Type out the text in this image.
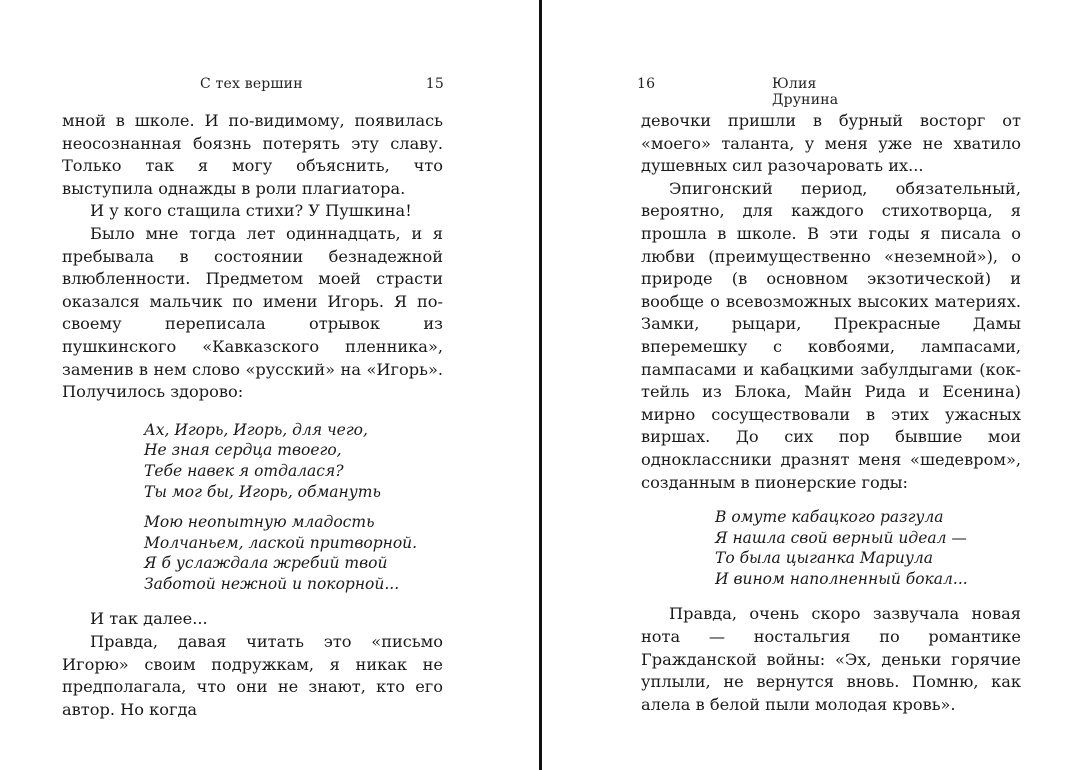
С тех вершин	15

мной в школе. И по-видимому, появилась неосознанная боязнь потерять эту славу. Только так я могу объяснить, что выступила однажды в роли плагиатора.

И у кого стащила стихи? У Пушкина!

Было мне тогда лет одиннадцать, и я пребывала в состоянии безнадежной влюбленности. Предметом моей страсти оказался мальчик по имени Игорь. Я по-своему переписала отрывок из пушкинского «Кавказского пленника», заменив в нем слово «русский» на «Игорь». Получилось здорово:

Ах, Игорь, Игорь, для чего,
Не зная сердца твоего,
Тебе навек я отдалася?
Ты мог бы, Игорь, обмануть
Мою неопытную младость
Молчаньем, лаской притворной.
Я б услаждала жребий твой
Заботой нежной и покорной...

И так далее...

Правда, давая читать это «письмо Игорю» своим подружкам, я никак не предполагала, что они не знают, кто его автор. Но когда

16	Юлия Друнина

девочки пришли в бурный восторг от «моего» таланта, у меня уже не хватило душевных сил разочаровать их...

Эпигонский период, обязательный, вероятно, для каждого стихотворца, я прошла в школе. В эти годы я писала о любви (преимущественно «неземной»), о природе (в основном экзотической) и вообще о всевозможных высоких материях. Замки, рыцари, Прекрасные Дамы вперемешку с ковбоями, лампасами, пампасами и кабацкими забулдыгами (коктейль из Блока, Майн Рида и Есенина) мирно сосуществовали в этих ужасных виршах. До сих пор бывшие мои одноклассники дразнят меня «шедевром», созданным в пионерские годы:

В омуте кабацкого разгула
Я нашла свой верный идеал —
То была цыганка Мариула
И вином наполненный бокал...

Правда, очень скоро зазвучала новая нота — ностальгия по романтике Гражданской войны: «Эх, деньки горячие уплыли, не вернутся вновь. Помню, как алела в белой пыли молодая кровь».
